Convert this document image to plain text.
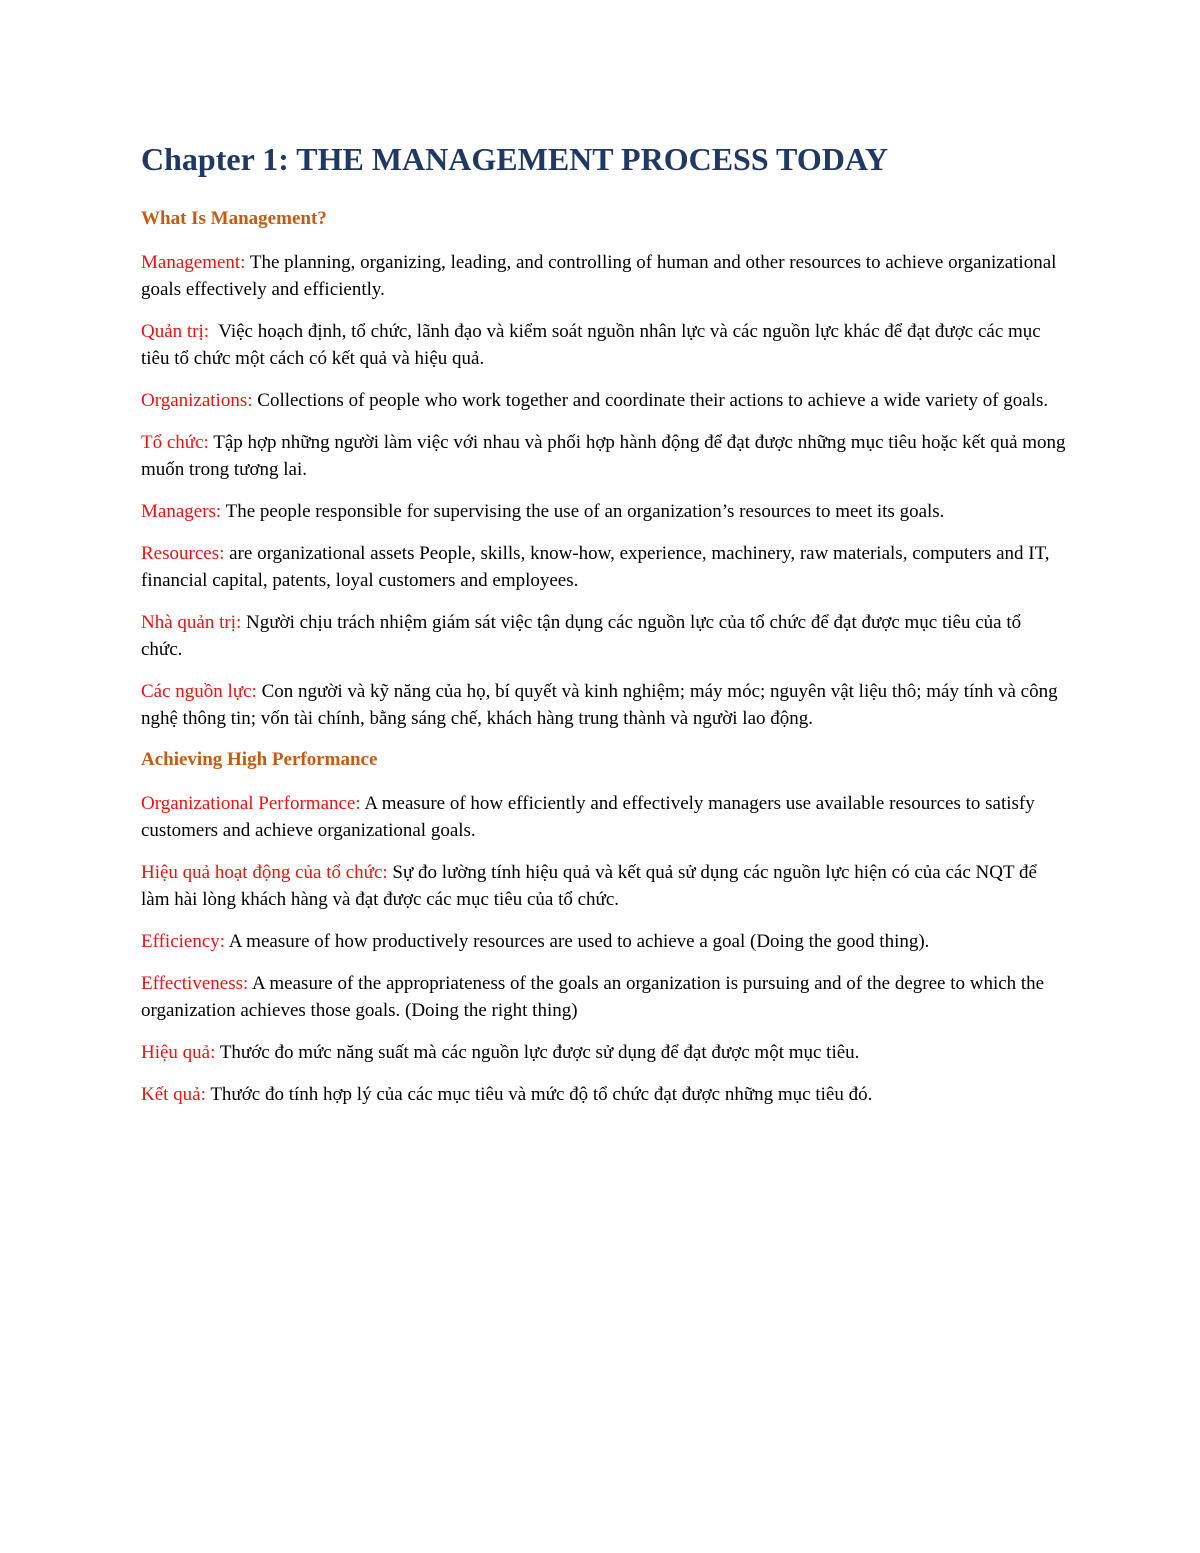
Chapter 1: THE MANAGEMENT PROCESS TODAY
What Is Management?

Management: The planning, organizing, leading, and controlling of human and other resources to achieve organizational goals effectively and efficiently.

Quản trị:  Việc hoạch định, tổ chức, lãnh đạo và kiểm soát nguồn nhân lực và các nguồn lực khác để đạt được các mục tiêu tổ chức một cách có kết quả và hiệu quả.

Organizations: Collections of people who work together and coordinate their actions to achieve a wide variety of goals.

Tổ chức: Tập hợp những người làm việc với nhau và phối hợp hành động để đạt được những mục tiêu hoặc kết quả mong muốn trong tương lai.

Managers: The people responsible for supervising the use of an organization’s resources to meet its goals.

Resources: are organizational assets People, skills, know-how, experience, machinery, raw materials, computers and IT, financial capital, patents, loyal customers and employees.

Nhà quản trị: Người chịu trách nhiệm giám sát việc tận dụng các nguồn lực của tổ chức để đạt được mục tiêu của tổ chức.

Các nguồn lực: Con người và kỹ năng của họ, bí quyết và kinh nghiệm; máy móc; nguyên vật liệu thô; máy tính và công nghệ thông tin; vốn tài chính, bằng sáng chế, khách hàng trung thành và người lao động.

Achieving High Performance

Organizational Performance: A measure of how efficiently and effectively managers use available resources to satisfy customers and achieve organizational goals.

Hiệu quả hoạt động của tổ chức: Sự đo lường tính hiệu quả và kết quả sử dụng các nguồn lực hiện có của các NQT để làm hài lòng khách hàng và đạt được các mục tiêu của tổ chức.

Efficiency: A measure of how productively resources are used to achieve a goal (Doing the good thing).

Effectiveness: A measure of the appropriateness of the goals an organization is pursuing and of the degree to which the organization achieves those goals. (Doing the right thing)

Hiệu quả: Thước đo mức năng suất mà các nguồn lực được sử dụng để đạt được một mục tiêu.

Kết quả: Thước đo tính hợp lý của các mục tiêu và mức độ tổ chức đạt được những mục tiêu đó.
